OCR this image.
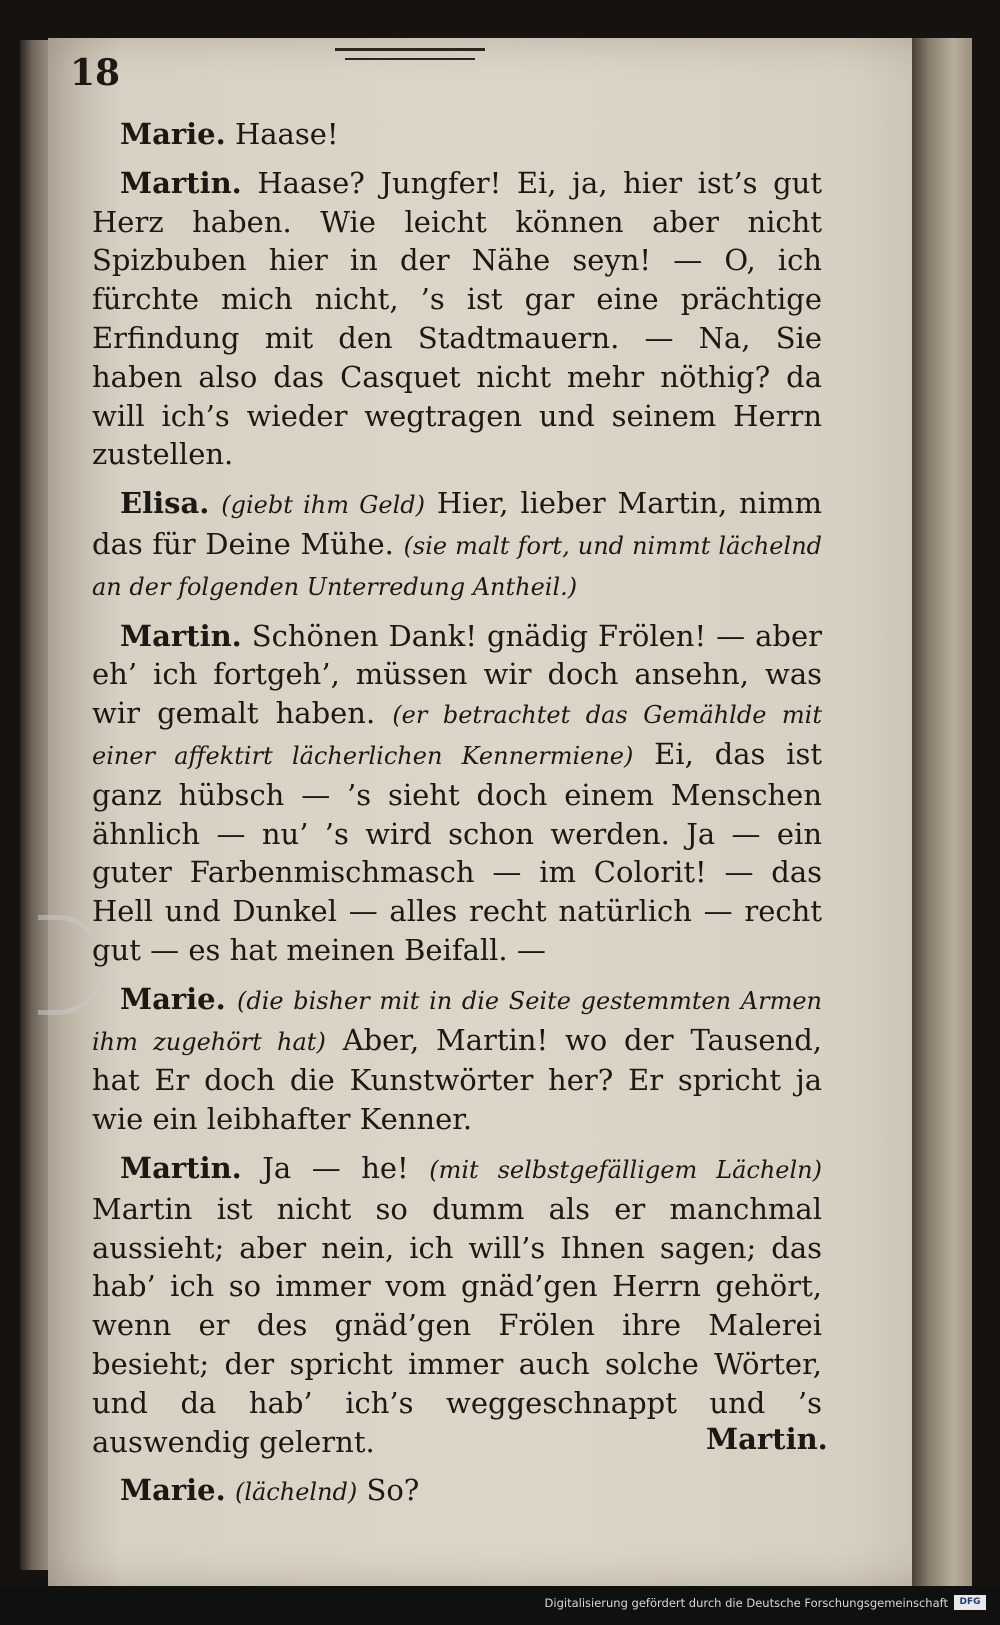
18

Marie. Haase!

Martin. Haase? Jungfer! Ei, ja, hier ist’s gut Herz haben. Wie leicht können aber nicht Spizbuben hier in der Nähe seyn! — O, ich fürchte mich nicht, ’s ist gar eine prächtige Erfindung mit den Stadtmauern. — Na, Sie haben also das Casquet nicht mehr nöthig? da will ich’s wieder wegtragen und seinem Herrn zustellen.

Elisa. (giebt ihm Geld) Hier, lieber Martin, nimm das für Deine Mühe. (sie malt fort, und nimmt lächelnd an der folgenden Unterredung Antheil.)

Martin. Schönen Dank! gnädig Frölen! — aber eh’ ich fortgeh’, müssen wir doch ansehn, was wir gemalt haben. (er betrachtet das Gemählde mit einer affektirt lächerlichen Kennermiene) Ei, das ist ganz hübsch — ’s sieht doch einem Menschen ähnlich — nu’ ’s wird schon werden. Ja — ein guter Farbenmischmasch — im Colorit! — das Hell und Dunkel — alles recht natürlich — recht gut — es hat meinen Beifall. —

Marie. (die bisher mit in die Seite gestemmten Armen ihm zugehört hat) Aber, Martin! wo der Tausend, hat Er doch die Kunstwörter her? Er spricht ja wie ein leibhafter Kenner.

Martin. Ja — he! (mit selbstgefälligem Lächeln) Martin ist nicht so dumm als er manchmal aussieht; aber nein, ich will’s Ihnen sagen; das hab’ ich so immer vom gnäd’gen Herrn gehört, wenn er des gnäd’gen Frölen ihre Malerei besieht; der spricht immer auch solche Wörter, und da hab’ ich’s weggeschnappt und ’s auswendig gelernt.

Marie. (lächelnd) So?

Martin.
Digitalisierung gefördert durch die Deutsche Forschungsgemeinschaft	DFG
